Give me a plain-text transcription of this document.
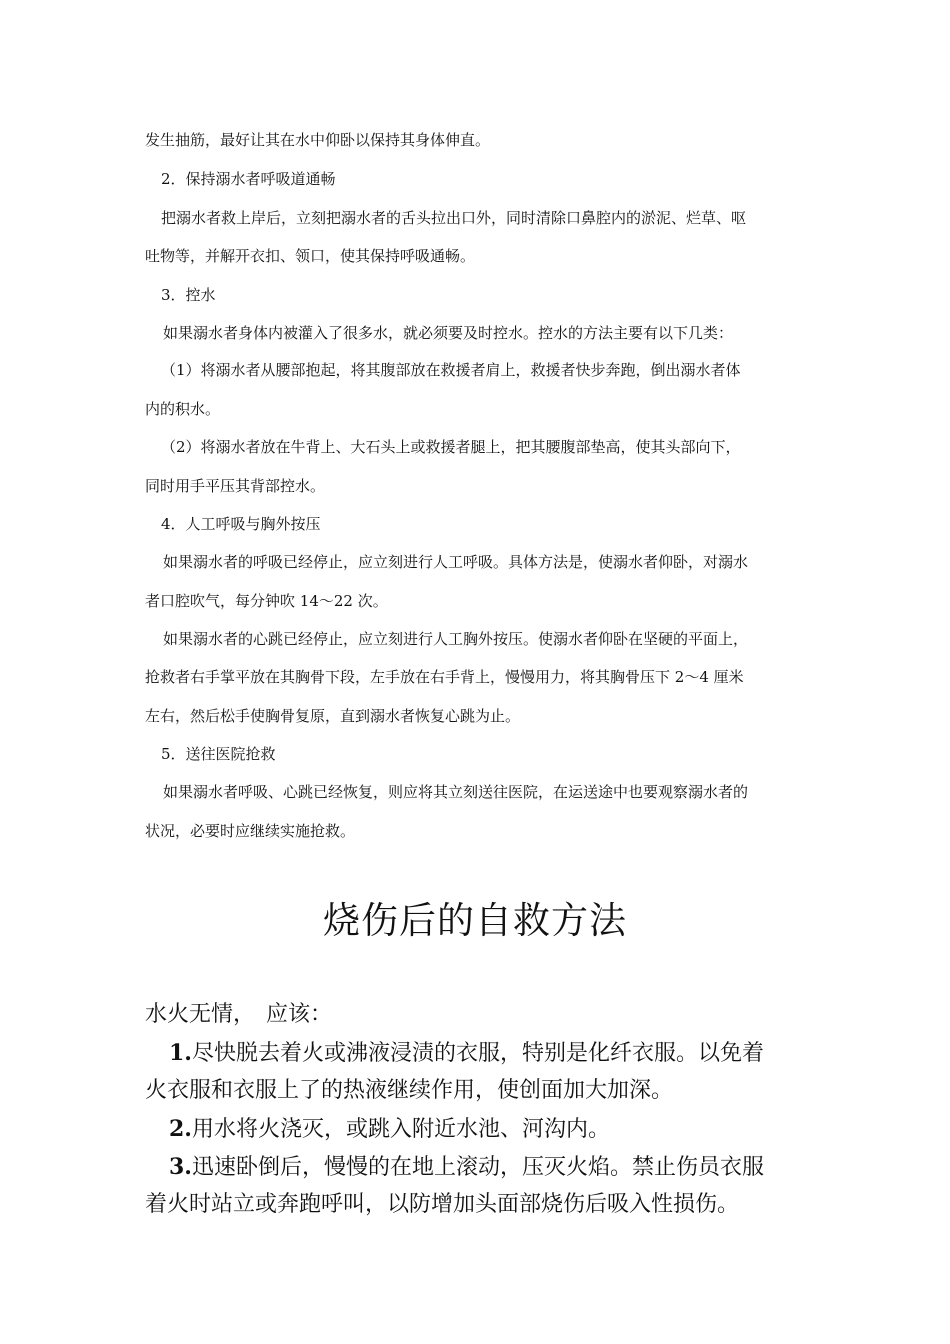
发生抽筋，最好让其在水中仰卧以保持其身体伸直。
2．保持溺水者呼吸道通畅
把溺水者救上岸后，立刻把溺水者的舌头拉出口外，同时清除口鼻腔内的淤泥、烂草、呕
吐物等，并解开衣扣、领口，使其保持呼吸通畅。
3．控水
如果溺水者身体内被灌入了很多水，就必须要及时控水。控水的方法主要有以下几类：
（1）将溺水者从腰部抱起，将其腹部放在救援者肩上，救援者快步奔跑，倒出溺水者体
内的积水。
（2）将溺水者放在牛背上、大石头上或救援者腿上，把其腰腹部垫高，使其头部向下，
同时用手平压其背部控水。
4．人工呼吸与胸外按压
如果溺水者的呼吸已经停止，应立刻进行人工呼吸。具体方法是，使溺水者仰卧，对溺水
者口腔吹气，每分钟吹 14～22 次。
如果溺水者的心跳已经停止，应立刻进行人工胸外按压。使溺水者仰卧在坚硬的平面上，
抢救者右手掌平放在其胸骨下段，左手放在右手背上，慢慢用力，将其胸骨压下 2～4 厘米
左右，然后松手使胸骨复原，直到溺水者恢复心跳为止。
5．送往医院抢救
如果溺水者呼吸、心跳已经恢复，则应将其立刻送往医院，在运送途中也要观察溺水者的
状况，必要时应继续实施抢救。
烧伤后的自救方法
水火无情，　应该：
1.尽快脱去着火或沸液浸渍的衣服，特别是化纤衣服。以免着
火衣服和衣服上了的热液继续作用，使创面加大加深。
2.用水将火浇灭，或跳入附近水池、河沟内。
3.迅速卧倒后，慢慢的在地上滚动，压灭火焰。禁止伤员衣服
着火时站立或奔跑呼叫，以防增加头面部烧伤后吸入性损伤。
